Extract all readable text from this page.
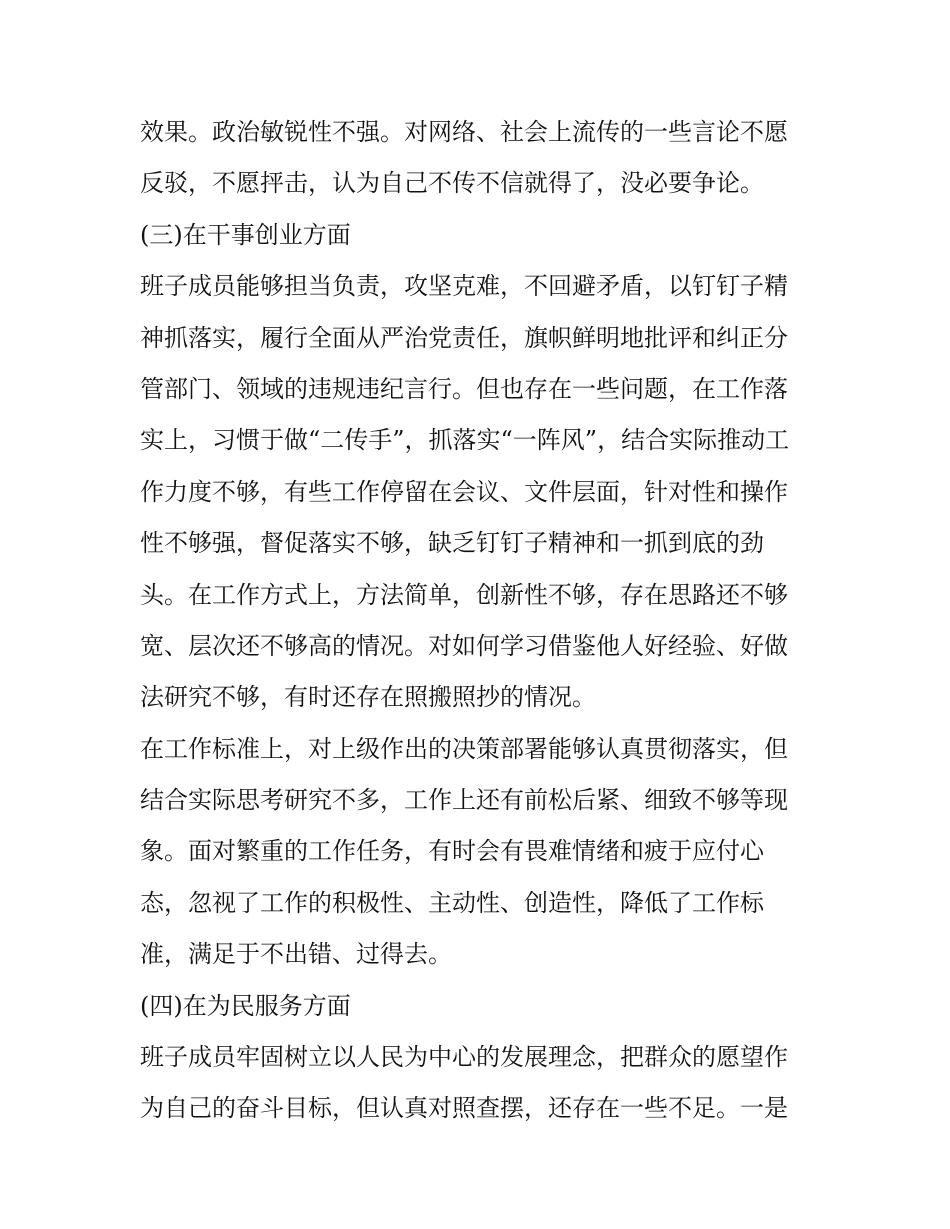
效果。政治敏锐性不强。对网络、社会上流传的一些言论不愿
反驳，不愿抨击，认为自己不传不信就得了，没必要争论。
(三)在干事创业方面
班子成员能够担当负责，攻坚克难，不回避矛盾，以钉钉子精
神抓落实，履行全面从严治党责任，旗帜鲜明地批评和纠正分
管部门、领域的违规违纪言行。但也存在一些问题，在工作落
实上，习惯于做“二传手”，抓落实“一阵风”，结合实际推动工
作力度不够，有些工作停留在会议、文件层面，针对性和操作
性不够强，督促落实不够，缺乏钉钉子精神和一抓到底的劲
头。在工作方式上，方法简单，创新性不够，存在思路还不够
宽、层次还不够高的情况。对如何学习借鉴他人好经验、好做
法研究不够，有时还存在照搬照抄的情况。
在工作标准上，对上级作出的决策部署能够认真贯彻落实，但
结合实际思考研究不多，工作上还有前松后紧、细致不够等现
象。面对繁重的工作任务，有时会有畏难情绪和疲于应付心
态，忽视了工作的积极性、主动性、创造性，降低了工作标
准，满足于不出错、过得去。
(四)在为民服务方面
班子成员牢固树立以人民为中心的发展理念，把群众的愿望作
为自己的奋斗目标，但认真对照查摆，还存在一些不足。一是
